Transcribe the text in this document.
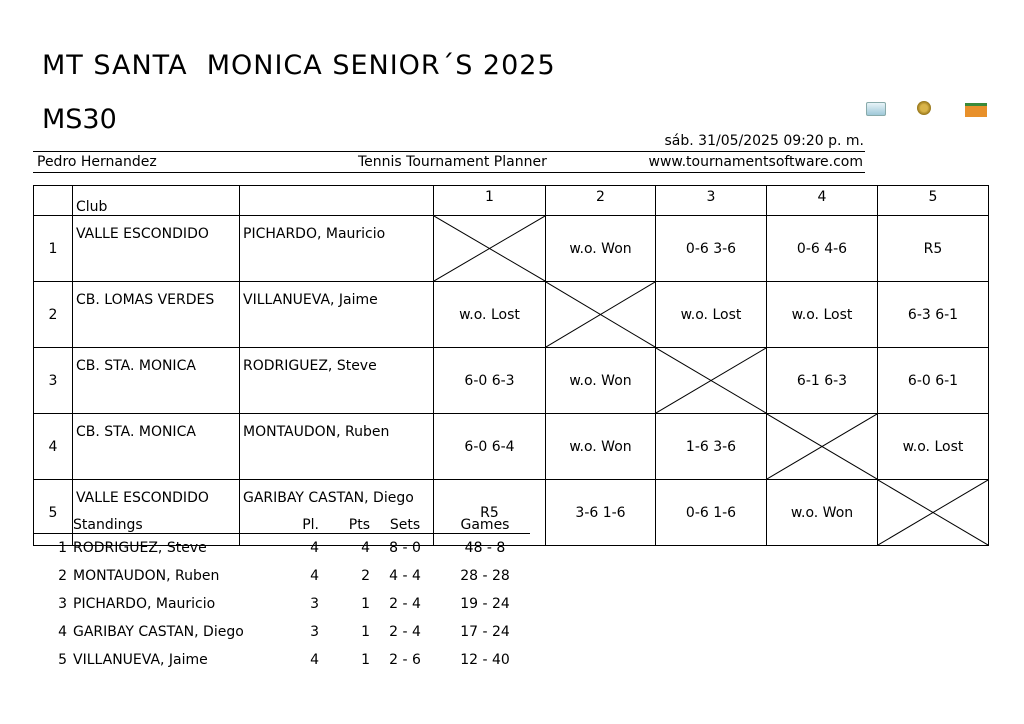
MT SANTA  MONICA SENIOR´S 2025
MS30
sáb. 31/05/2025 09:20 p. m.
Pedro Hernandez	Tennis Tournament Planner	www.tournamentsoftware.com
	Club		1	2	3	4	5
1	VALLE ESCONDIDO	PICHARDO, Mauricio		w.o. Won	0-6 3-6	0-6 4-6	R5
2	CB. LOMAS VERDES	VILLANUEVA, Jaime	w.o. Lost		w.o. Lost	w.o. Lost	6-3 6-1
3	CB. STA. MONICA	RODRIGUEZ, Steve	6-0 6-3	w.o. Won		6-1 6-3	6-0 6-1
4	CB. STA. MONICA	MONTAUDON, Ruben	6-0 6-4	w.o. Won	1-6 3-6		w.o. Lost
5	VALLE ESCONDIDO	GARIBAY CASTAN, Diego	R5	3-6 1-6	0-6 1-6	w.o. Won	
	Standings	Pl.	Pts	Sets	Games
1	RODRIGUEZ, Steve	4	4	8 - 0	48 - 8
2	MONTAUDON, Ruben	4	2	4 - 4	28 - 28
3	PICHARDO, Mauricio	3	1	2 - 4	19 - 24
4	GARIBAY CASTAN, Diego	3	1	2 - 4	17 - 24
5	VILLANUEVA, Jaime	4	1	2 - 6	12 - 40
